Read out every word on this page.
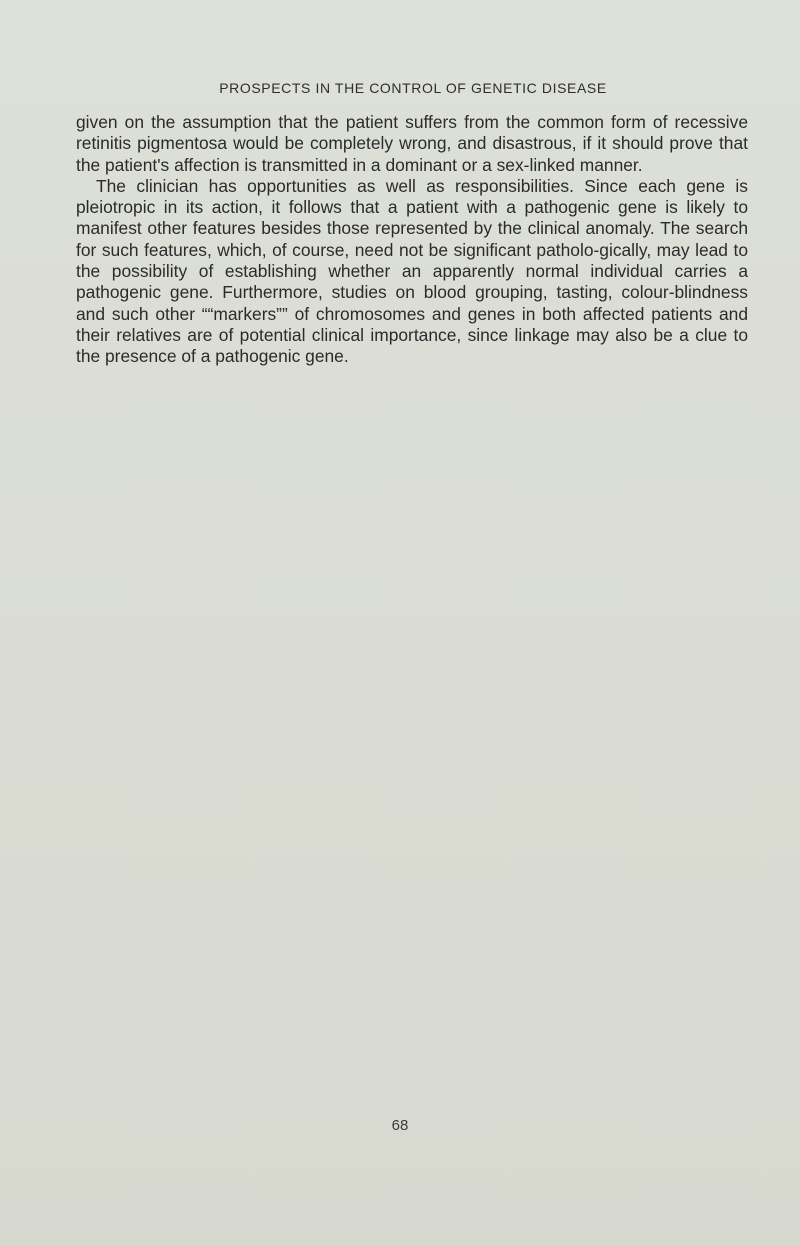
PROSPECTS IN THE CONTROL OF GENETIC DISEASE

given on the assumption that the patient suffers from the common form of recessive retinitis pigmentosa would be completely wrong, and disastrous, if it should prove that the patient's affection is transmitted in a dominant or a sex-linked manner.

The clinician has opportunities as well as responsibilities. Since each gene is pleiotropic in its action, it follows that a patient with a pathogenic gene is likely to manifest other features besides those represented by the clinical anomaly. The search for such features, which, of course, need not be significant patholo-gically, may lead to the possibility of establishing whether an apparently normal individual carries a pathogenic gene. Furthermore, studies on blood grouping, tasting, colour-blindness and such other ““markers”” of chromosomes and genes in both affected patients and their relatives are of potential clinical importance, since linkage may also be a clue to the presence of a pathogenic gene.

68
